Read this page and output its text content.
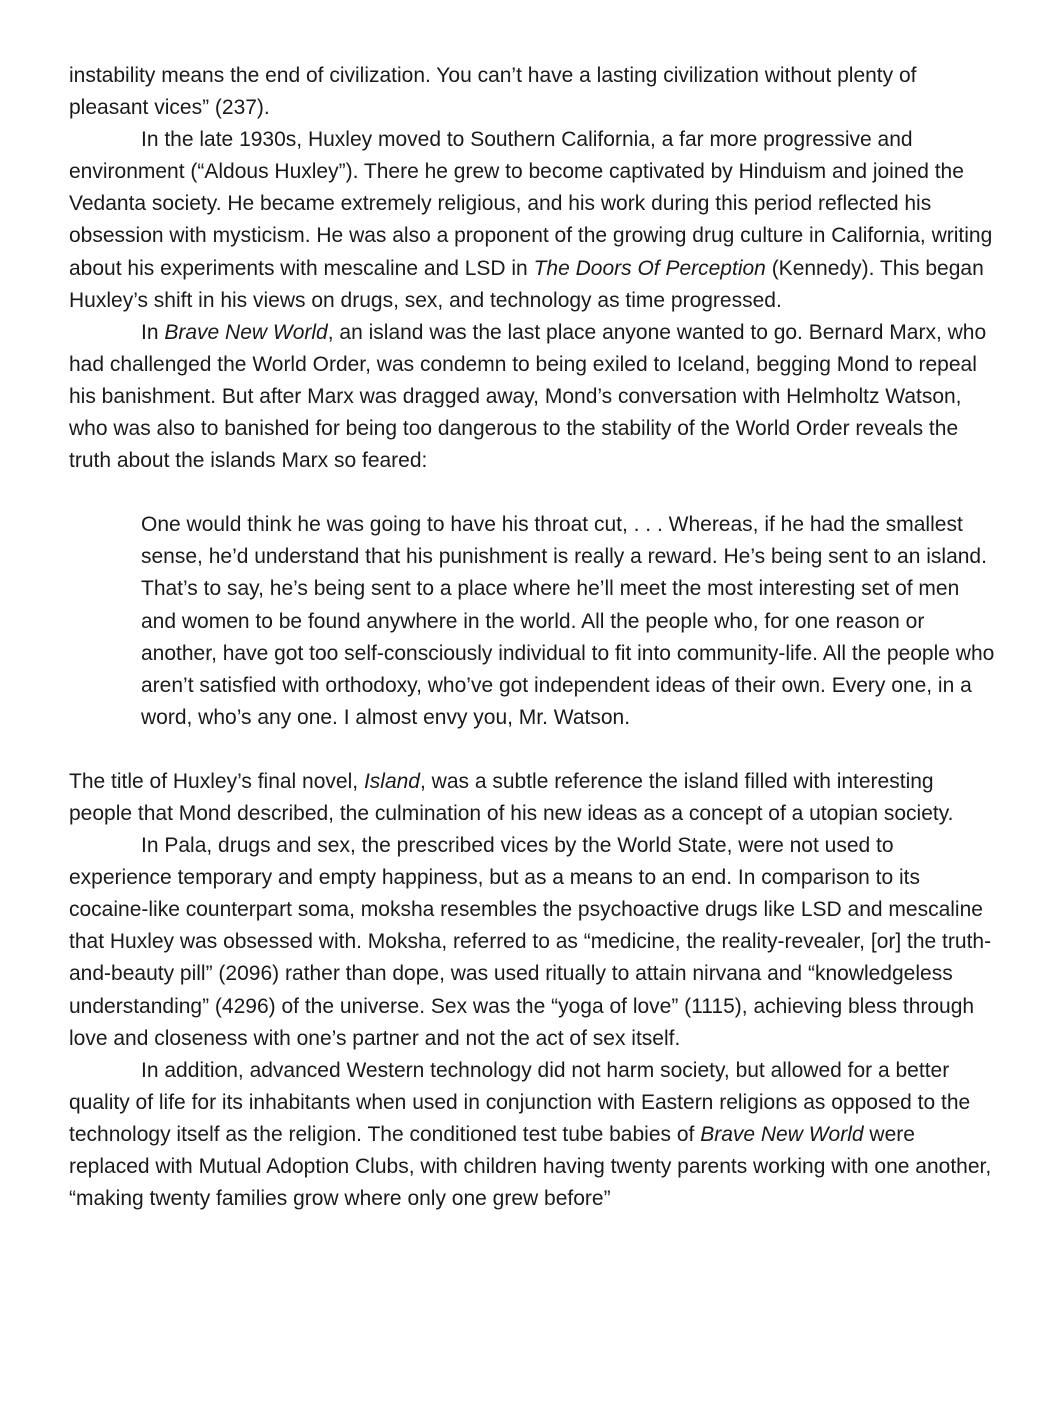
instability means the end of civilization. You can’t have a lasting civilization without plenty of pleasant vices” (237).

In the late 1930s, Huxley moved to Southern California, a far more progressive and environment (“Aldous Huxley”). There he grew to become captivated by Hinduism and joined the Vedanta society. He became extremely religious, and his work during this period reflected his obsession with mysticism. He was also a proponent of the growing drug culture in California, writing about his experiments with mescaline and LSD in The Doors Of Perception (Kennedy). This began Huxley’s shift in his views on drugs, sex, and technology as time progressed.

In Brave New World, an island was the last place anyone wanted to go. Bernard Marx, who had challenged the World Order, was condemn to being exiled to Iceland, begging Mond to repeal his banishment. But after Marx was dragged away, Mond’s conversation with Helmholtz Watson, who was also to banished for being too dangerous to the stability of the World Order reveals the truth about the islands Marx so feared:

One would think he was going to have his throat cut, . . . Whereas, if he had the smallest sense, he’d understand that his punishment is really a reward. He’s being sent to an island. That’s to say, he’s being sent to a place where he’ll meet the most interesting set of men and women to be found anywhere in the world. All the people who, for one reason or another, have got too self-consciously individual to fit into community-life. All the people who aren’t satisfied with orthodoxy, who’ve got independent ideas of their own. Every one, in a word, who’s any one. I almost envy you, Mr. Watson.

The title of Huxley’s final novel, Island, was a subtle reference the island filled with interesting people that Mond described, the culmination of his new ideas as a concept of a utopian society.

In Pala, drugs and sex, the prescribed vices by the World State, were not used to experience temporary and empty happiness, but as a means to an end. In comparison to its cocaine-like counterpart soma, moksha resembles the psychoactive drugs like LSD and mescaline that Huxley was obsessed with. Moksha, referred to as “medicine, the reality-revealer, [or] the truth-and-beauty pill” (2096) rather than dope, was used ritually to attain nirvana and “knowledgeless understanding” (4296) of the universe. Sex was the “yoga of love” (1115), achieving bless through love and closeness with one’s partner and not the act of sex itself.

In addition, advanced Western technology did not harm society, but allowed for a better quality of life for its inhabitants when used in conjunction with Eastern religions as opposed to the technology itself as the religion. The conditioned test tube babies of Brave New World were replaced with Mutual Adoption Clubs, with children having twenty parents working with one another, “making twenty families grow where only one grew before”
